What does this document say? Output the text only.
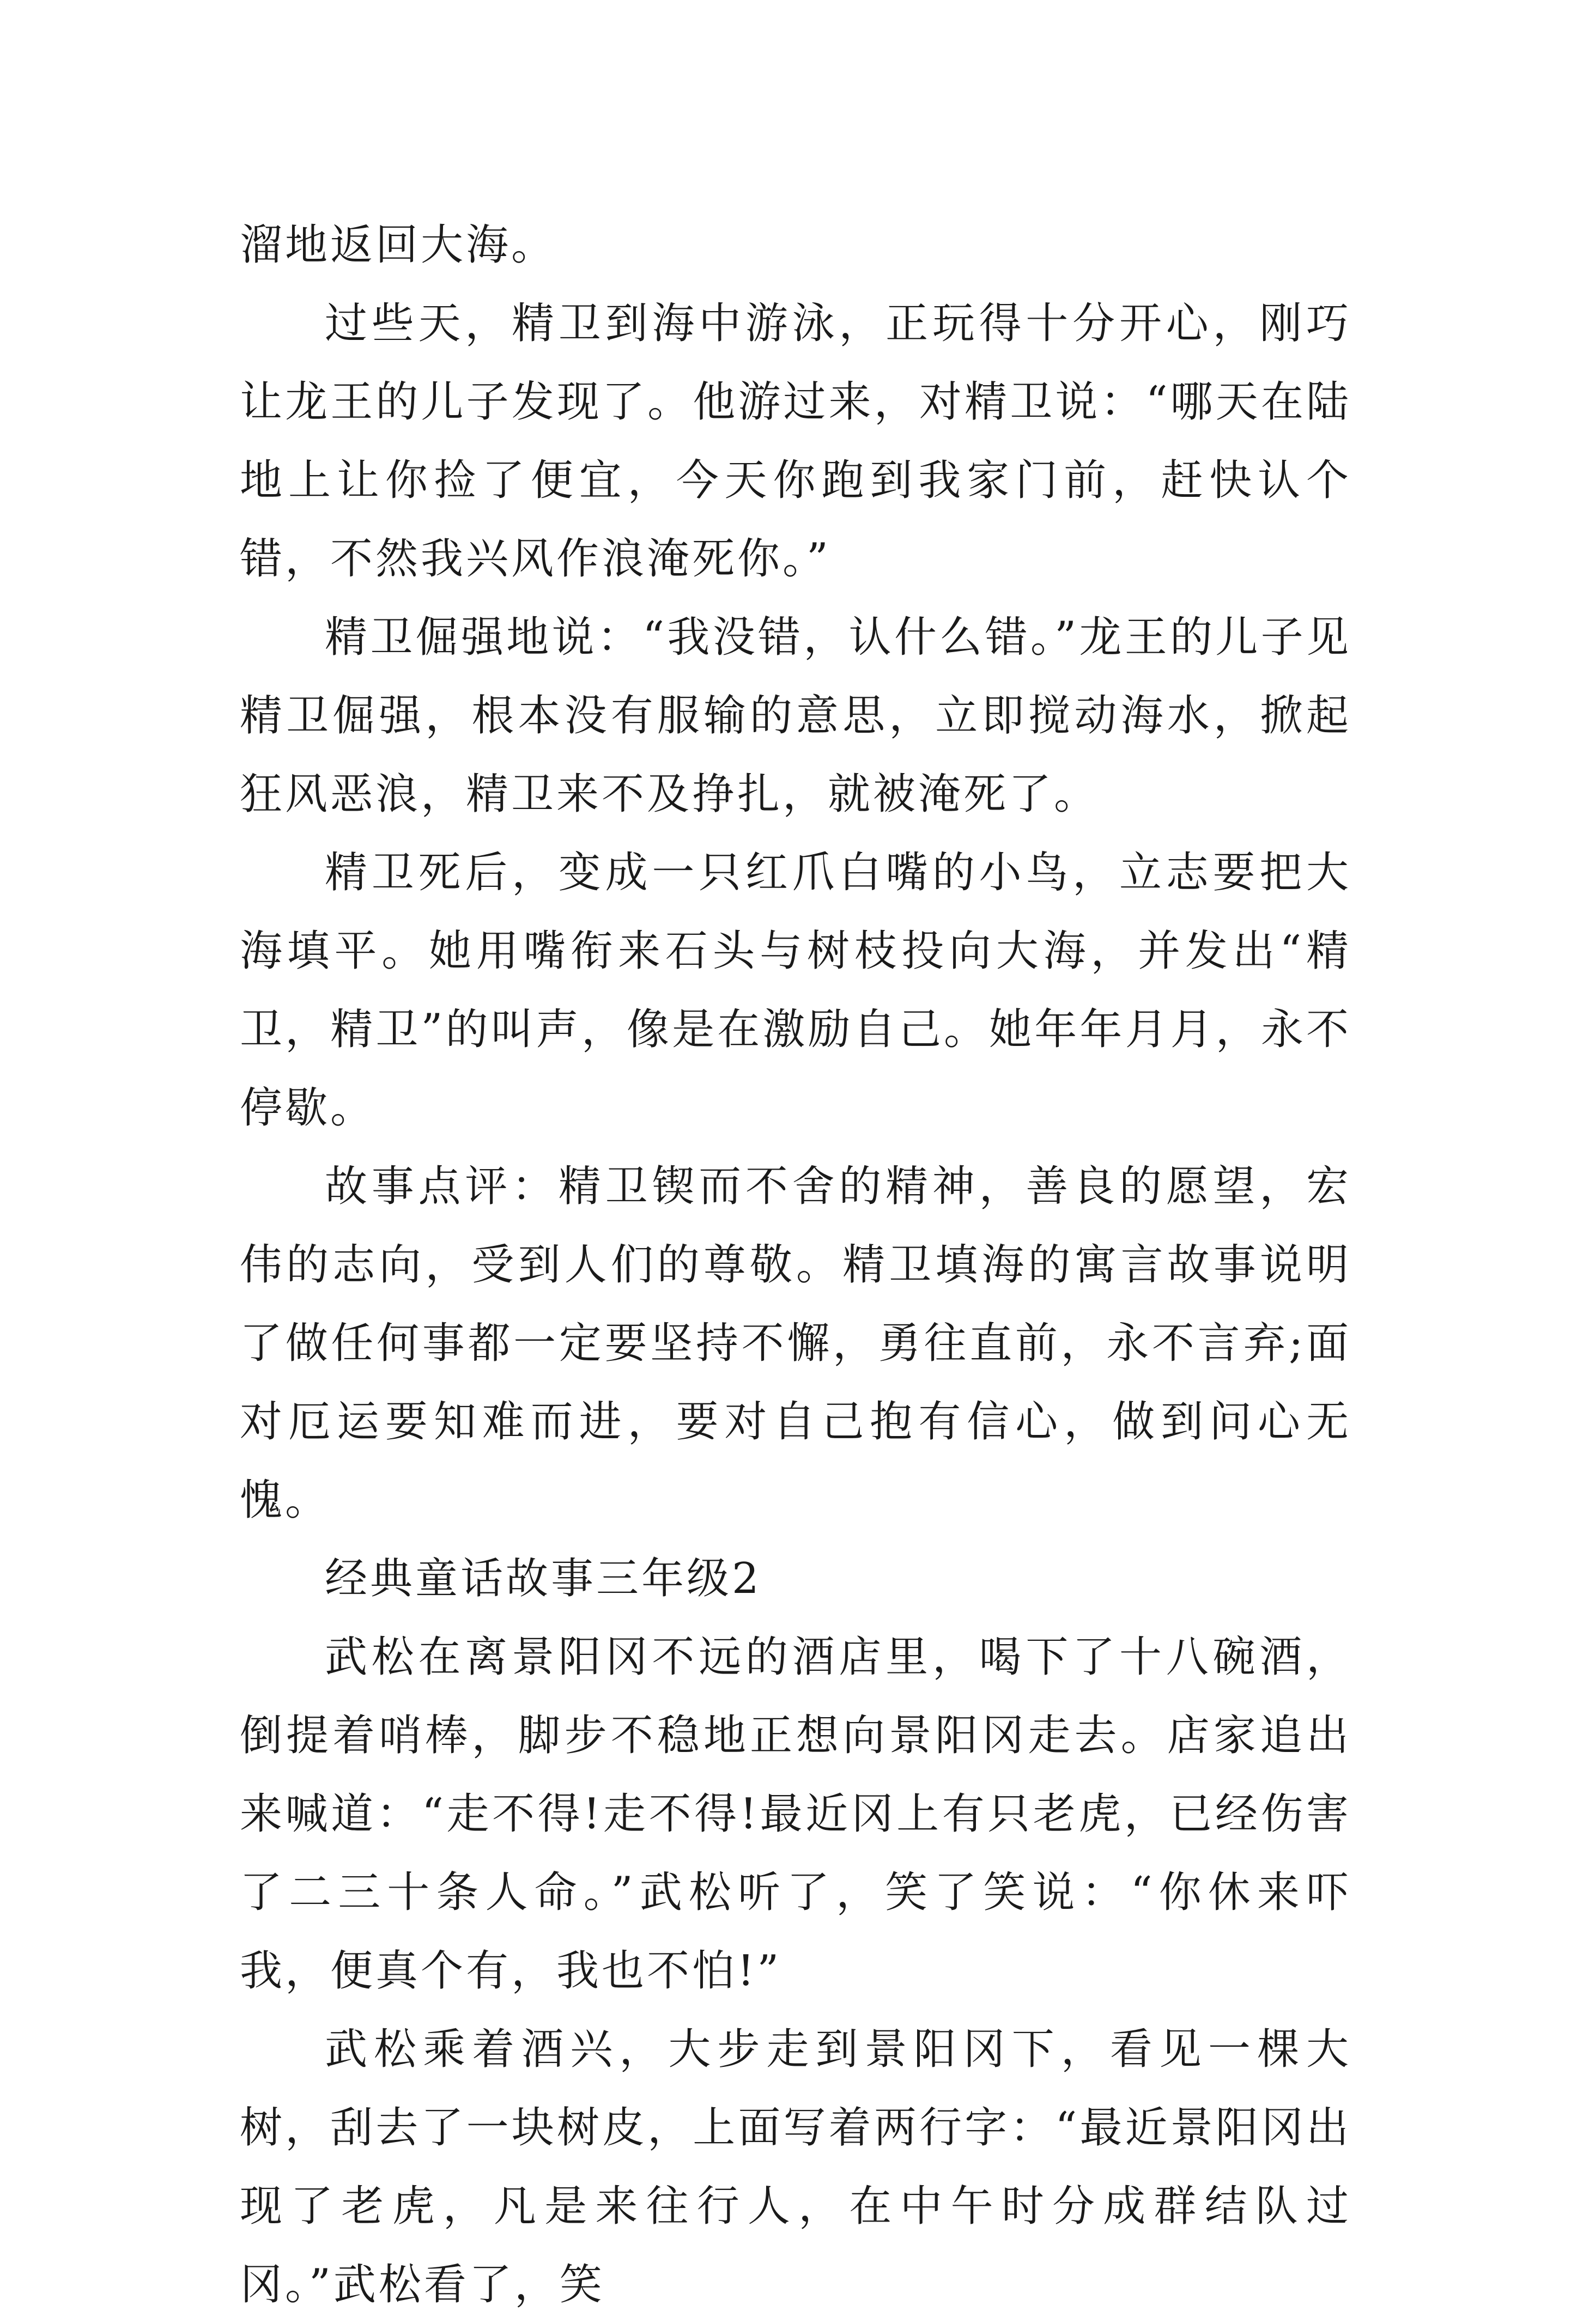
溜地返回大海。

过些天，精卫到海中游泳，正玩得十分开心，刚巧让龙王的儿子发现了。他游过来，对精卫说：“哪天在陆地上让你捡了便宜，今天你跑到我家门前，赶快认个错，不然我兴风作浪淹死你。”

精卫倔强地说：“我没错，认什么错。”龙王的儿子见精卫倔强，根本没有服输的意思，立即搅动海水，掀起狂风恶浪，精卫来不及挣扎，就被淹死了。

精卫死后，变成一只红爪白嘴的小鸟，立志要把大海填平。她用嘴衔来石头与树枝投向大海，并发出“精卫，精卫”的叫声，像是在激励自己。她年年月月，永不停歇。

故事点评：精卫锲而不舍的精神，善良的愿望，宏伟的志向，受到人们的尊敬。精卫填海的寓言故事说明了做任何事都一定要坚持不懈，勇往直前，永不言弃;面对厄运要知难而进，要对自己抱有信心，做到问心无愧。

经典童话故事三年级2

武松在离景阳冈不远的酒店里，喝下了十八碗酒，倒提着哨棒，脚步不稳地正想向景阳冈走去。店家追出来喊道：“走不得!走不得!最近冈上有只老虎，已经伤害了二三十条人命。”武松听了，笑了笑说：“你休来吓我，便真个有，我也不怕!”

武松乘着酒兴，大步走到景阳冈下，看见一棵大树，刮去了一块树皮，上面写着两行字：“最近景阳冈出现了老虎，凡是来往行人，在中午时分成群结队过冈。”武松看了，笑
